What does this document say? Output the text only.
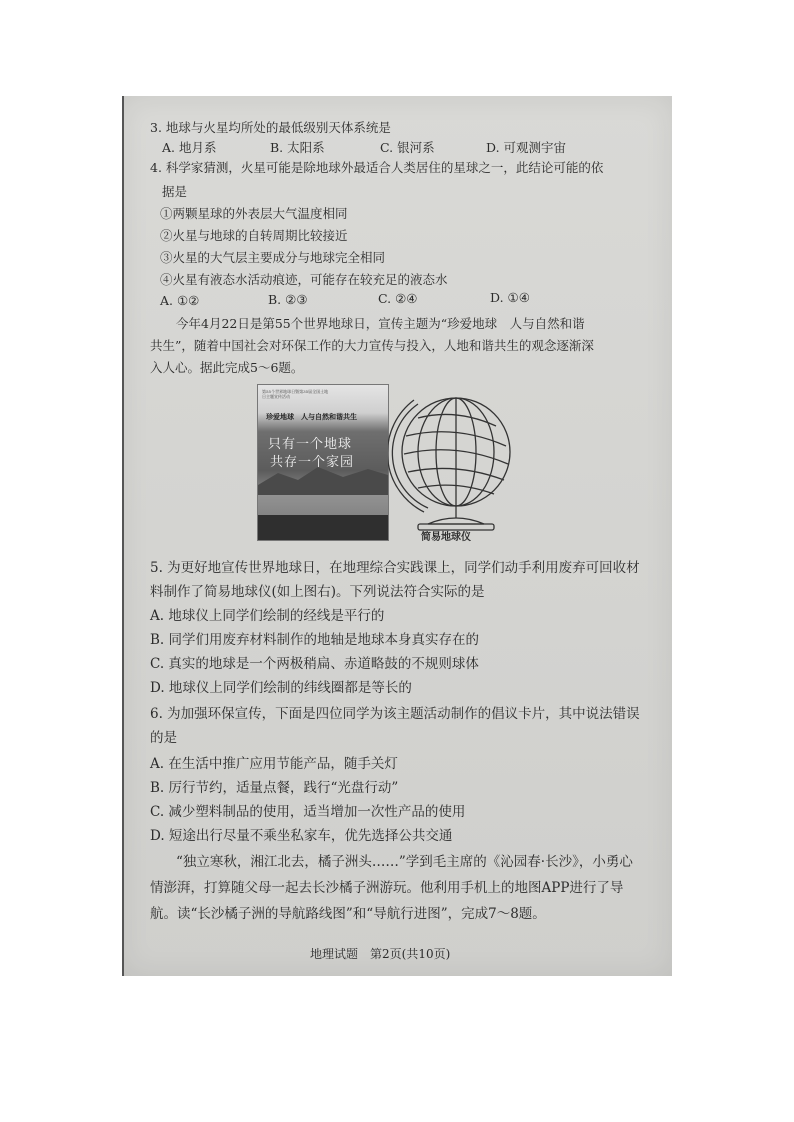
3. 地球与火星均所处的最低级别天体系统是
A. 地月系	B. 太阳系	C. 银河系	D. 可观测宇宙
4. 科学家猜测，火星可能是除地球外最适合人类居住的星球之一，此结论可能的依
据是
①两颗星球的外表层大气温度相同
②火星与地球的自转周期比较接近
③火星的大气层主要成分与地球完全相同
④火星有液态水活动痕迹，可能存在较充足的液态水
A. ①②	B. ②③	C. ②④	D. ①④
今年4月22日是第55个世界地球日，宣传主题为“珍爱地球　人与自然和谐
共生”，随着中国社会对环保工作的大力宣传与投入，人地和谐共生的观念逐渐深
入人心。据此完成5～6题。
第55个世界地球日暨第35届全国土地日主题宣传活动
珍爱地球　人与自然和谐共生
只有一个地球
共存一个家园
简易地球仪
5. 为更好地宣传世界地球日，在地理综合实践课上，同学们动手利用废弃可回收材
料制作了简易地球仪(如上图右)。下列说法符合实际的是
A. 地球仪上同学们绘制的经线是平行的
B. 同学们用废弃材料制作的地轴是地球本身真实存在的
C. 真实的地球是一个两极稍扁、赤道略鼓的不规则球体
D. 地球仪上同学们绘制的纬线圈都是等长的
6. 为加强环保宣传，下面是四位同学为该主题活动制作的倡议卡片，其中说法错误
的是
A. 在生活中推广应用节能产品，随手关灯
B. 厉行节约，适量点餐，践行“光盘行动”
C. 减少塑料制品的使用，适当增加一次性产品的使用
D. 短途出行尽量不乘坐私家车，优先选择公共交通
“独立寒秋，湘江北去，橘子洲头……”学到毛主席的《沁园春·长沙》，小勇心
情澎湃，打算随父母一起去长沙橘子洲游玩。他利用手机上的地图APP进行了导
航。读“长沙橘子洲的导航路线图”和“导航行进图”，完成7～8题。
地理试题　第2页(共10页)
